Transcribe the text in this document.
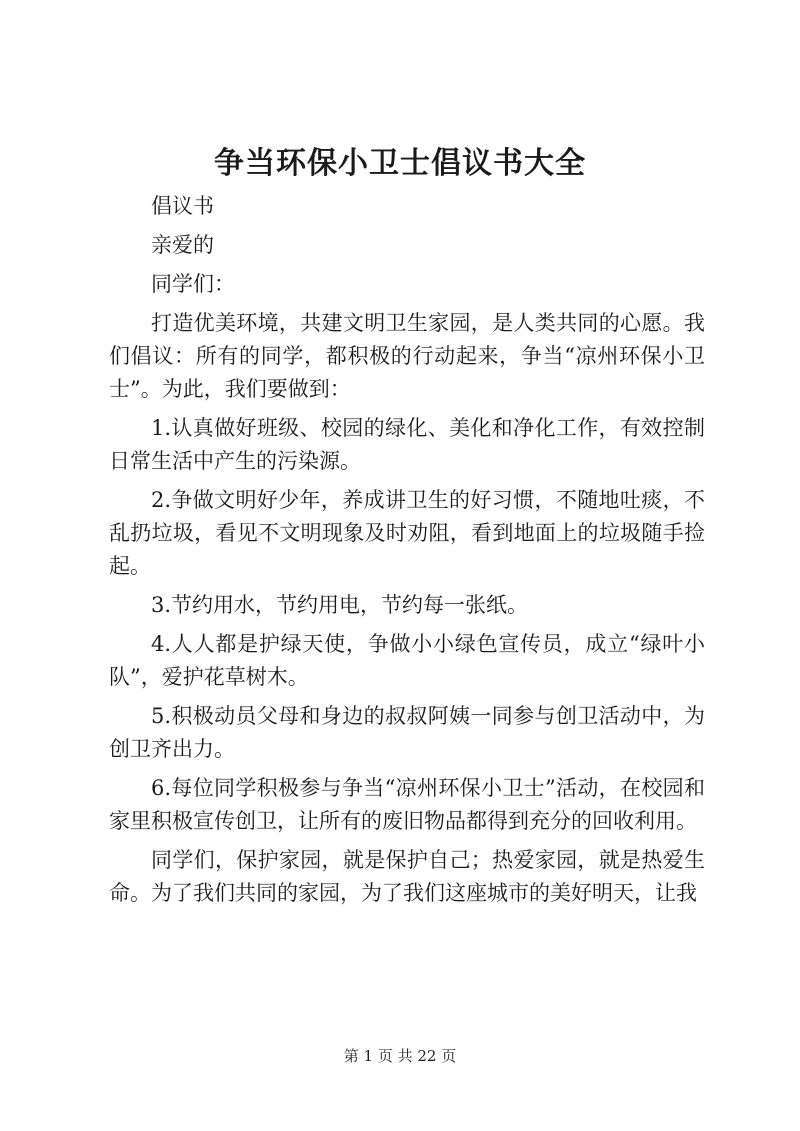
争当环保小卫士倡议书大全

倡议书

亲爱的

同学们：

打造优美环境，共建文明卫生家园，是人类共同的心愿。我们倡议：所有的同学，都积极的行动起来，争当“凉州环保小卫士”。为此，我们要做到：

1.认真做好班级、校园的绿化、美化和净化工作，有效控制日常生活中产生的污染源。

2.争做文明好少年，养成讲卫生的好习惯，不随地吐痰，不乱扔垃圾，看见不文明现象及时劝阻，看到地面上的垃圾随手捡起。

3.节约用水，节约用电，节约每一张纸。

4.人人都是护绿天使，争做小小绿色宣传员，成立“绿叶小队”，爱护花草树木。

5.积极动员父母和身边的叔叔阿姨一同参与创卫活动中，为创卫齐出力。

6.每位同学积极参与争当“凉州环保小卫士”活动，在校园和家里积极宣传创卫，让所有的废旧物品都得到充分的回收利用。

同学们，保护家园，就是保护自己；热爱家园，就是热爱生命。为了我们共同的家园，为了我们这座城市的美好明天，让我

第 1 页 共 22 页
